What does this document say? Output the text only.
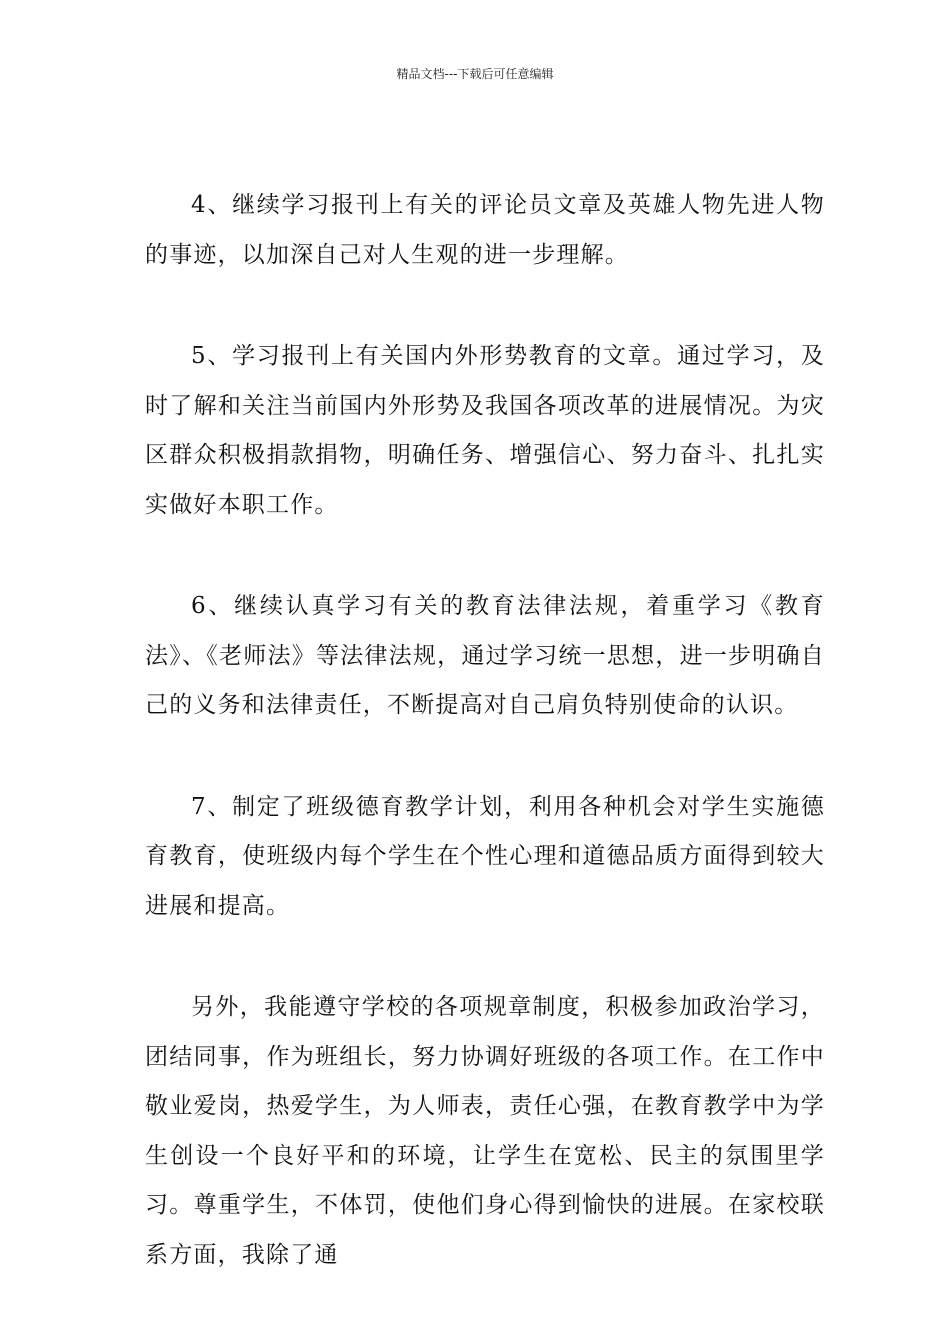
精品文档---下载后可任意编辑

4、继续学习报刊上有关的评论员文章及英雄人物先进人物的事迹，以加深自己对人生观的进一步理解。

5、学习报刊上有关国内外形势教育的文章。通过学习，及时了解和关注当前国内外形势及我国各项改革的进展情况。为灾区群众积极捐款捐物，明确任务、增强信心、努力奋斗、扎扎实实做好本职工作。

6、继续认真学习有关的教育法律法规，着重学习《教育法》、《老师法》等法律法规，通过学习统一思想，进一步明确自己的义务和法律责任，不断提高对自己肩负特别使命的认识。

7、制定了班级德育教学计划，利用各种机会对学生实施德育教育，使班级内每个学生在个性心理和道德品质方面得到较大进展和提高。

另外，我能遵守学校的各项规章制度，积极参加政治学习，团结同事，作为班组长，努力协调好班级的各项工作。在工作中敬业爱岗，热爱学生，为人师表，责任心强，在教育教学中为学生创设一个良好平和的环境，让学生在宽松、民主的氛围里学习。尊重学生，不体罚，使他们身心得到愉快的进展。在家校联系方面，我除了通
